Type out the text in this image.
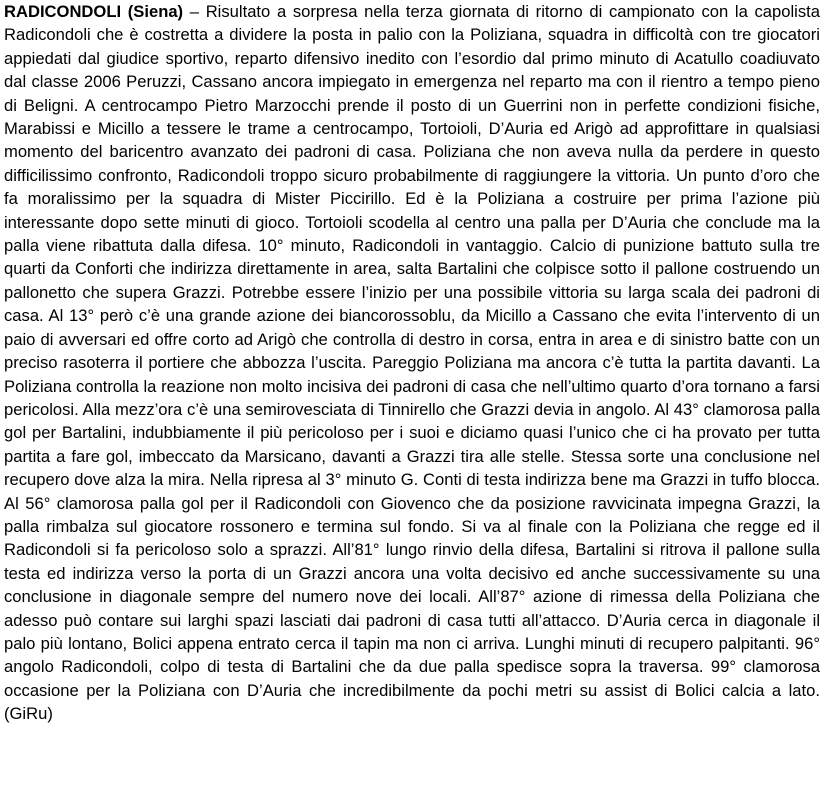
RADICONDOLI (Siena) – Risultato a sorpresa nella terza giornata di ritorno di campionato con la capolista Radicondoli che è costretta a dividere la posta in palio con la Poliziana, squadra in difficoltà con tre giocatori appiedati dal giudice sportivo, reparto difensivo inedito con l’esordio dal primo minuto di Acatullo coadiuvato dal classe 2006 Peruzzi, Cassano ancora impiegato in emergenza nel reparto ma con il rientro a tempo pieno di Beligni. A centrocampo Pietro Marzocchi prende il posto di un Guerrini non in perfette condizioni fisiche, Marabissi e Micillo a tessere le trame a centrocampo, Tortoioli, D’Auria ed Arigò ad approfittare in qualsiasi momento del baricentro avanzato dei padroni di casa. Poliziana che non aveva nulla da perdere in questo difficilissimo confronto, Radicondoli troppo sicuro probabilmente di raggiungere la vittoria. Un punto d’oro che fa moralissimo per la squadra di Mister Piccirillo. Ed è la Poliziana a costruire per prima l’azione più interessante dopo sette minuti di gioco. Tortoioli scodella al centro una palla per D’Auria che conclude ma la palla viene ribattuta dalla difesa. 10° minuto, Radicondoli in vantaggio. Calcio di punizione battuto sulla tre quarti da Conforti che indirizza direttamente in area, salta Bartalini che colpisce sotto il pallone costruendo un pallonetto che supera Grazzi. Potrebbe essere l’inizio per una possibile vittoria su larga scala dei padroni di casa. Al 13° però c’è una grande azione dei biancorossoblu, da Micillo a Cassano che evita l’intervento di un paio di avversari ed offre corto ad Arigò che controlla di destro in corsa, entra in area e di sinistro batte con un preciso rasoterra il portiere che abbozza l’uscita. Pareggio Poliziana ma ancora c’è tutta la partita davanti. La Poliziana controlla la reazione non molto incisiva dei padroni di casa che nell’ultimo quarto d’ora tornano a farsi pericolosi. Alla mezz’ora c’è una semirovesciata di Tinnirello che Grazzi devia in angolo. Al 43° clamorosa palla gol per Bartalini, indubbiamente il più pericoloso per i suoi e diciamo quasi l’unico che ci ha provato per tutta partita a fare gol, imbeccato da Marsicano, davanti a Grazzi tira alle stelle. Stessa sorte una conclusione nel recupero dove alza la mira. Nella ripresa al 3° minuto G. Conti di testa indirizza bene ma Grazzi in tuffo blocca. Al 56° clamorosa palla gol per il Radicondoli con Giovenco che da posizione ravvicinata impegna Grazzi, la palla rimbalza sul giocatore rossonero e termina sul fondo. Si va al finale con la Poliziana che regge ed il Radicondoli si fa pericoloso solo a sprazzi. All’81° lungo rinvio della difesa, Bartalini si ritrova il pallone sulla testa ed indirizza verso la porta di un Grazzi ancora una volta decisivo ed anche successivamente su una conclusione in diagonale sempre del numero nove dei locali. All’87° azione di rimessa della Poliziana che adesso può contare sui larghi spazi lasciati dai padroni di casa tutti all’attacco. D’Auria cerca in diagonale il palo più lontano, Bolici appena entrato cerca il tapin ma non ci arriva. Lunghi minuti di recupero palpitanti. 96° angolo Radicondoli, colpo di testa di Bartalini che da due palla spedisce sopra la traversa. 99° clamorosa occasione per la Poliziana con D’Auria che incredibilmente da pochi metri su assist di Bolici calcia a lato. (GiRu)
